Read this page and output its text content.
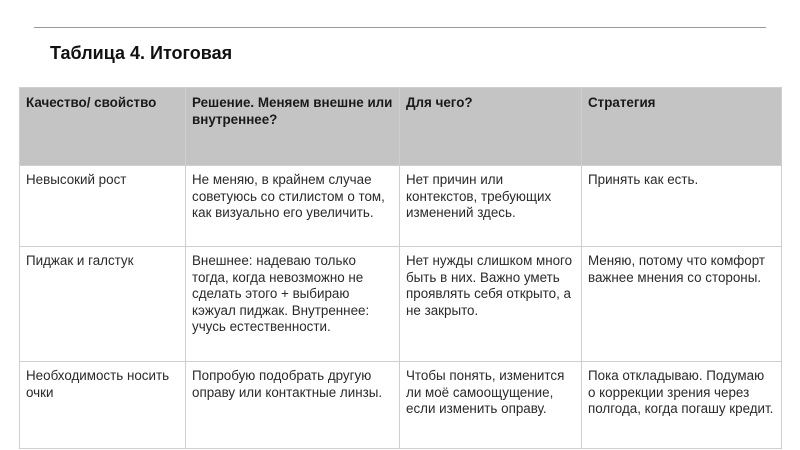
Таблица 4. Итоговая
Качество/ свойство	Решение. Меняем внешне или внутреннее?	Для чего?	Стратегия
Невысокий рост	Не меняю, в крайнем случае советуюсь со стилистом о том, как визуально его увеличить.	Нет причин или контекстов, требующих изменений здесь.	Принять как есть.
Пиджак и галстук	Внешнее: надеваю только тогда, когда невозможно не сделать этого + выбираю кэжуал пиджак. Внутреннее: учусь естественности.	Нет нужды слишком много быть в них. Важно уметь проявлять себя открыто, а не закрыто.	Меняю, потому что комфорт важнее мнения со стороны.
Необходимость носить очки	Попробую подобрать другую оправу или контактные линзы.	Чтобы понять, изменится ли моё самоощущение, если изменить оправу.	Пока откладываю. Подумаю о коррекции зрения через полгода, когда погашу кредит.
